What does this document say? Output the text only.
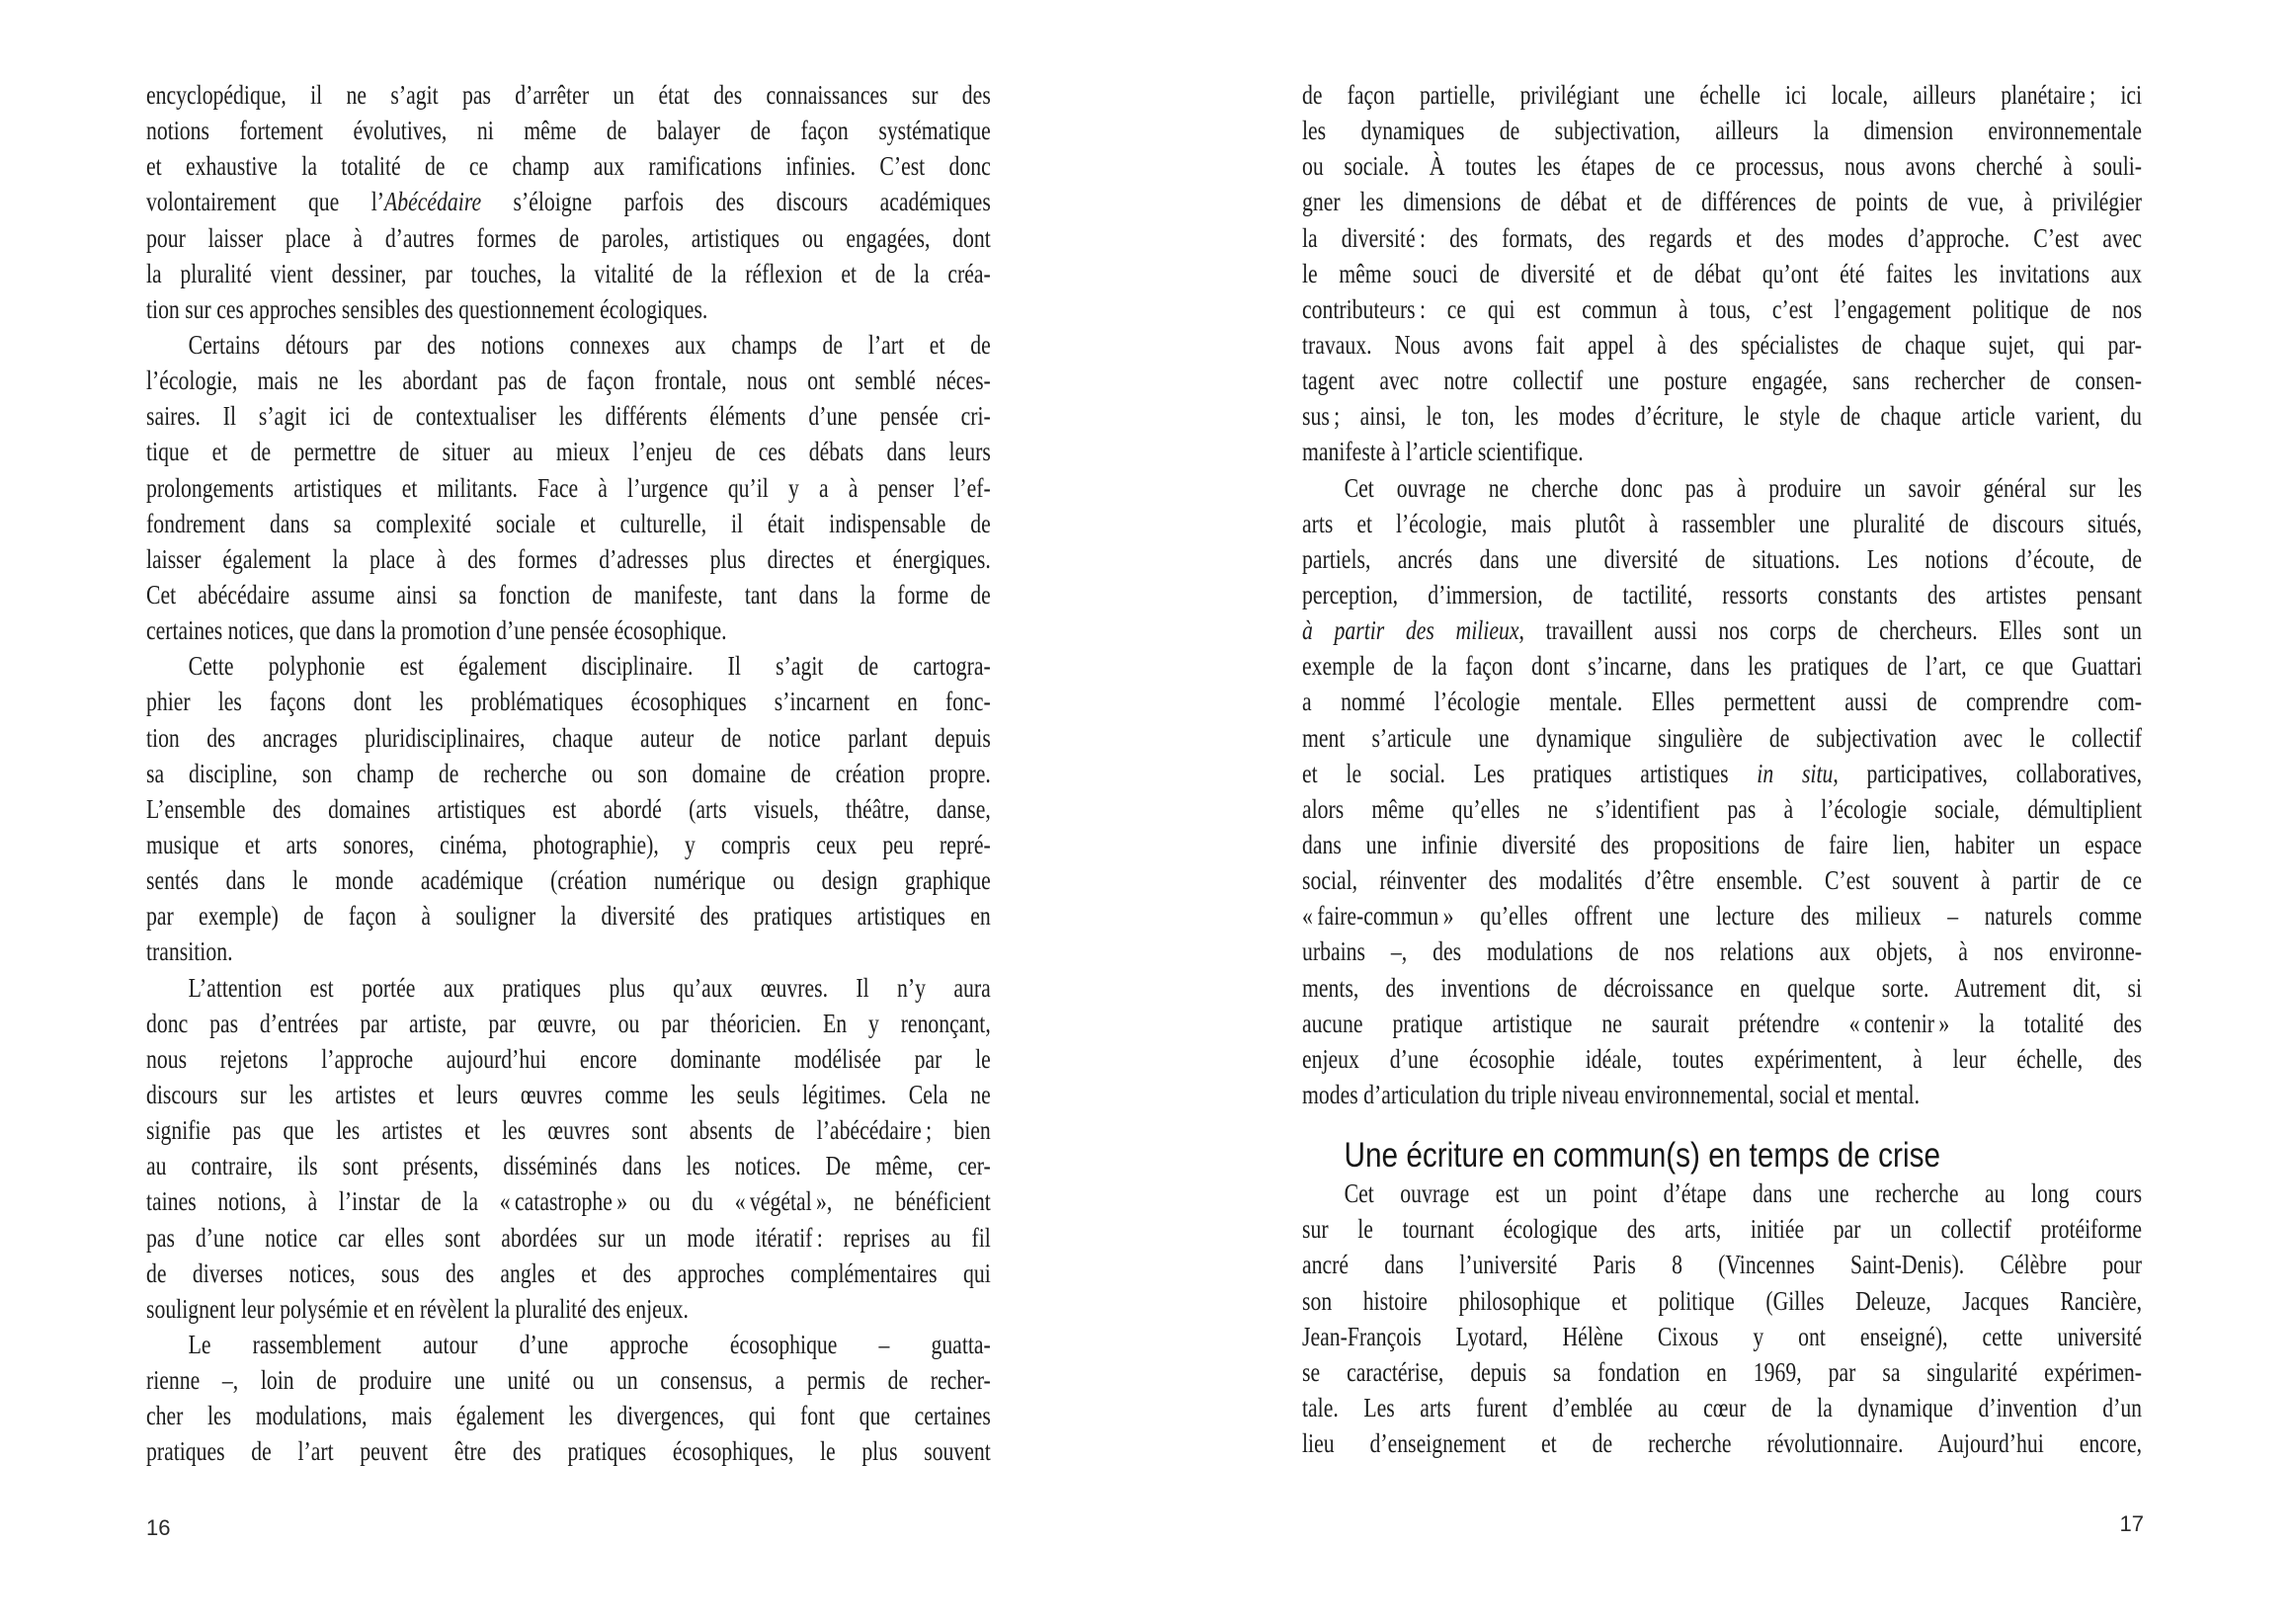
encyclopédique, il ne s’agit pas d’arrêter un état des connaissances sur des
notions fortement évolutives, ni même de balayer de façon systématique
et exhaustive la totalité de ce champ aux ramifications infinies. C’est donc
volontairement que l’Abécédaire s’éloigne parfois des discours académiques
pour laisser place à d’autres formes de paroles, artistiques ou engagées, dont
la pluralité vient dessiner, par touches, la vitalité de la réflexion et de la créa-
tion sur ces approches sensibles des questionnement écologiques.
Certains détours par des notions connexes aux champs de l’art et de
l’écologie, mais ne les abordant pas de façon frontale, nous ont semblé néces-
saires. Il s’agit ici de contextualiser les différents éléments d’une pensée cri-
tique et de permettre de situer au mieux l’enjeu de ces débats dans leurs
prolongements artistiques et militants. Face à l’urgence qu’il y a à penser l’ef-
fondrement dans sa complexité sociale et culturelle, il était indispensable de
laisser également la place à des formes d’adresses plus directes et énergiques.
Cet abécédaire assume ainsi sa fonction de manifeste, tant dans la forme de
certaines notices, que dans la promotion d’une pensée écosophique.
Cette polyphonie est également disciplinaire. Il s’agit de cartogra-
phier les façons dont les problématiques écosophiques s’incarnent en fonc-
tion des ancrages pluridisciplinaires, chaque auteur de notice parlant depuis
sa discipline, son champ de recherche ou son domaine de création propre.
L’ensemble des domaines artistiques est abordé (arts visuels, théâtre, danse,
musique et arts sonores, cinéma, photographie), y compris ceux peu repré-
sentés dans le monde académique (création numérique ou design graphique
par exemple) de façon à souligner la diversité des pratiques artistiques en
transition.
L’attention est portée aux pratiques plus qu’aux œuvres. Il n’y aura
donc pas d’entrées par artiste, par œuvre, ou par théoricien. En y renonçant,
nous rejetons l’approche aujourd’hui encore dominante modélisée par le
discours sur les artistes et leurs œuvres comme les seuls légitimes. Cela ne
signifie pas que les artistes et les œuvres sont absents de l’abécédaire ; bien
au contraire, ils sont présents, disséminés dans les notices. De même, cer-
taines notions, à l’instar de la « catastrophe » ou du « végétal », ne bénéficient
pas d’une notice car elles sont abordées sur un mode itératif : reprises au fil
de diverses notices, sous des angles et des approches complémentaires qui
soulignent leur polysémie et en révèlent la pluralité des enjeux.
Le rassemblement autour d’une approche écosophique – guatta-
rienne –, loin de produire une unité ou un consensus, a permis de recher-
cher les modulations, mais également les divergences, qui font que certaines
pratiques de l’art peuvent être des pratiques écosophiques, le plus souvent
de façon partielle, privilégiant une échelle ici locale, ailleurs planétaire ; ici
les dynamiques de subjectivation, ailleurs la dimension environnementale
ou sociale. À toutes les étapes de ce processus, nous avons cherché à souli-
gner les dimensions de débat et de différences de points de vue, à privilégier
la diversité : des formats, des regards et des modes d’approche. C’est avec
le même souci de diversité et de débat qu’ont été faites les invitations aux
contributeurs : ce qui est commun à tous, c’est l’engagement politique de nos
travaux. Nous avons fait appel à des spécialistes de chaque sujet, qui par-
tagent avec notre collectif une posture engagée, sans rechercher de consen-
sus ; ainsi, le ton, les modes d’écriture, le style de chaque article varient, du
manifeste à l’article scientifique.
Cet ouvrage ne cherche donc pas à produire un savoir général sur les
arts et l’écologie, mais plutôt à rassembler une pluralité de discours situés,
partiels, ancrés dans une diversité de situations. Les notions d’écoute, de
perception, d’immersion, de tactilité, ressorts constants des artistes pensant
à partir des milieux, travaillent aussi nos corps de chercheurs. Elles sont un
exemple de la façon dont s’incarne, dans les pratiques de l’art, ce que Guattari
a nommé l’écologie mentale. Elles permettent aussi de comprendre com-
ment s’articule une dynamique singulière de subjectivation avec le collectif
et le social. Les pratiques artistiques in situ, participatives, collaboratives,
alors même qu’elles ne s’identifient pas à l’écologie sociale, démultiplient
dans une infinie diversité des propositions de faire lien, habiter un espace
social, réinventer des modalités d’être ensemble. C’est souvent à partir de ce
« faire-commun » qu’elles offrent une lecture des milieux – naturels comme
urbains –, des modulations de nos relations aux objets, à nos environne-
ments, des inventions de décroissance en quelque sorte. Autrement dit, si
aucune pratique artistique ne saurait prétendre « contenir » la totalité des
enjeux d’une écosophie idéale, toutes expérimentent, à leur échelle, des
modes d’articulation du triple niveau environnemental, social et mental.
Une écriture en commun(s) en temps de crise
Cet ouvrage est un point d’étape dans une recherche au long cours
sur le tournant écologique des arts, initiée par un collectif protéiforme
ancré dans l’université Paris 8 (Vincennes Saint-Denis). Célèbre pour
son histoire philosophique et politique (Gilles Deleuze, Jacques Rancière,
Jean-François Lyotard, Hélène Cixous y ont enseigné), cette université
se caractérise, depuis sa fondation en 1969, par sa singularité expérimen-
tale. Les arts furent d’emblée au cœur de la dynamique d’invention d’un
lieu d’enseignement et de recherche révolutionnaire. Aujourd’hui encore,
16	17
